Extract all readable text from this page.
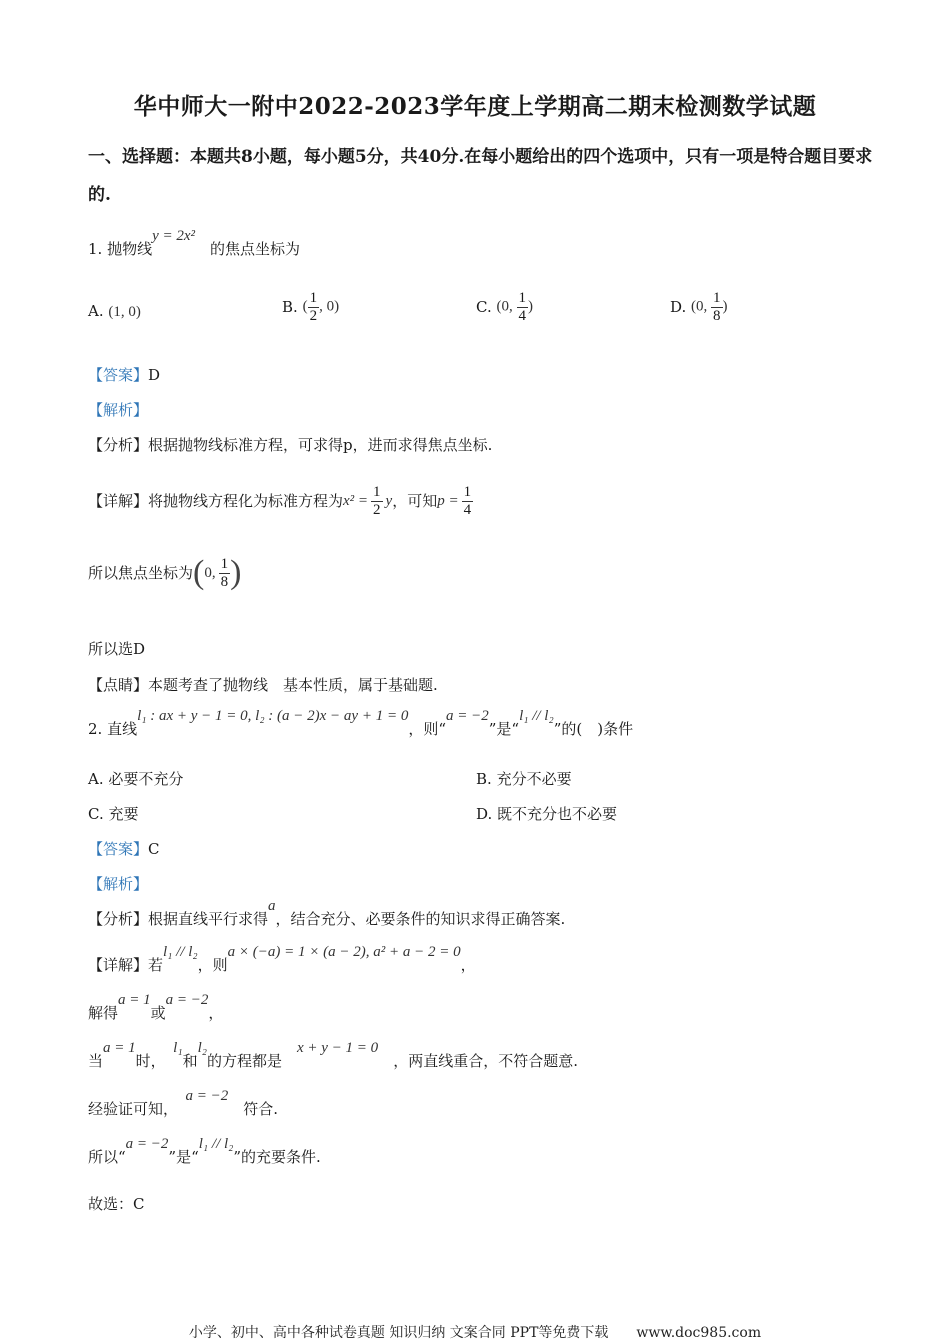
华中师大一附中2022-2023学年度上学期高二期末检测数学试题
一、选择题：本题共8小题，每小题5分，共40分.在每小题给出的四个选项中，只有一项是特合题目要求的.
1. 抛物线y = 2x²　的焦点坐标为
A. (1, 0)	B. ( $\frac{1}{2}$ , 0)	C. (0, $\frac{1}{4}$ )	D. (0, $\frac{1}{8}$ )
【答案】D
【解析】
【分析】根据抛物线标准方程，可求得p，进而求得焦点坐标.
【详解】将抛物线方程化为标准方程为$x^2 = \frac{1}{2}$ y，可知$p = \frac{1}{4}$
所以焦点坐标为(0, $\frac{1}{8}$ )
所以选D
【点睛】本题考查了抛物线　基本性质，属于基础题.
2. 直线l₁ : ax + y − 1 = 0, l₂ : (a − 2)x − ay + 1 = 0，则“a = −2”是“l₁ // l₂”的(　)条件
A. 必要不充分	B. 充分不必要
C. 充要	D. 既不充分也不必要
【答案】C
【解析】
【分析】根据直线平行求得a，结合充分、必要条件的知识求得正确答案.
【详解】若l₁ // l₂，则a × (−a) = 1 × (a − 2), a² + a − 2 = 0，
解得a = 1或a = −2，
当a = 1时，　l₁和l₂的方程都是　x + y − 1 = 0　，两直线重合，不符合题意.
经验证可知，　a = −2　符合.
所以“a = −2”是“l₁ // l₂”的充要条件.
故选：C
小学、初中、高中各种试卷真题 知识归纳 文案合同 PPT等免费下载　　www.doc985.com
